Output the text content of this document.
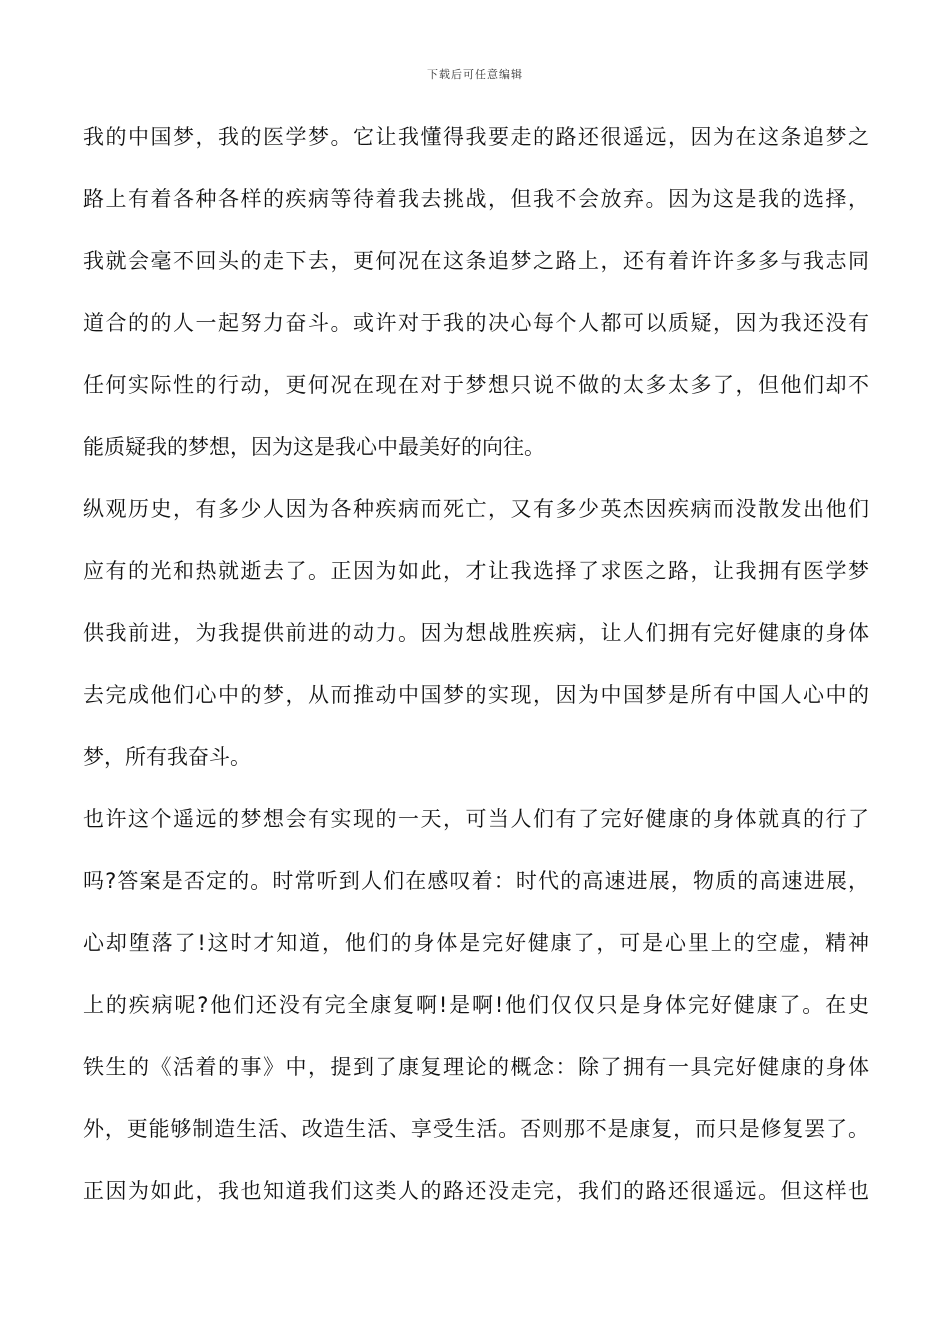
下载后可任意编辑
我的中国梦，我的医学梦。它让我懂得我要走的路还很遥远，因为在这条追梦之
路上有着各种各样的疾病等待着我去挑战，但我不会放弃。因为这是我的选择，
我就会毫不回头的走下去，更何况在这条追梦之路上，还有着许许多多与我志同
道合的的人一起努力奋斗。或许对于我的决心每个人都可以质疑，因为我还没有
任何实际性的行动，更何况在现在对于梦想只说不做的太多太多了，但他们却不
能质疑我的梦想，因为这是我心中最美好的向往。
纵观历史，有多少人因为各种疾病而死亡，又有多少英杰因疾病而没散发出他们
应有的光和热就逝去了。正因为如此，才让我选择了求医之路，让我拥有医学梦
供我前进，为我提供前进的动力。因为想战胜疾病，让人们拥有完好健康的身体
去完成他们心中的梦，从而推动中国梦的实现，因为中国梦是所有中国人心中的
梦，所有我奋斗。
也许这个遥远的梦想会有实现的一天，可当人们有了完好健康的身体就真的行了
吗?答案是否定的。时常听到人们在感叹着：时代的高速进展，物质的高速进展，
心却堕落了!这时才知道，他们的身体是完好健康了，可是心里上的空虚，精神
上的疾病呢?他们还没有完全康复啊!是啊!他们仅仅只是身体完好健康了。在史
铁生的《活着的事》中，提到了康复理论的概念：除了拥有一具完好健康的身体
外，更能够制造生活、改造生活、享受生活。否则那不是康复，而只是修复罢了。
正因为如此，我也知道我们这类人的路还没走完，我们的路还很遥远。但这样也
